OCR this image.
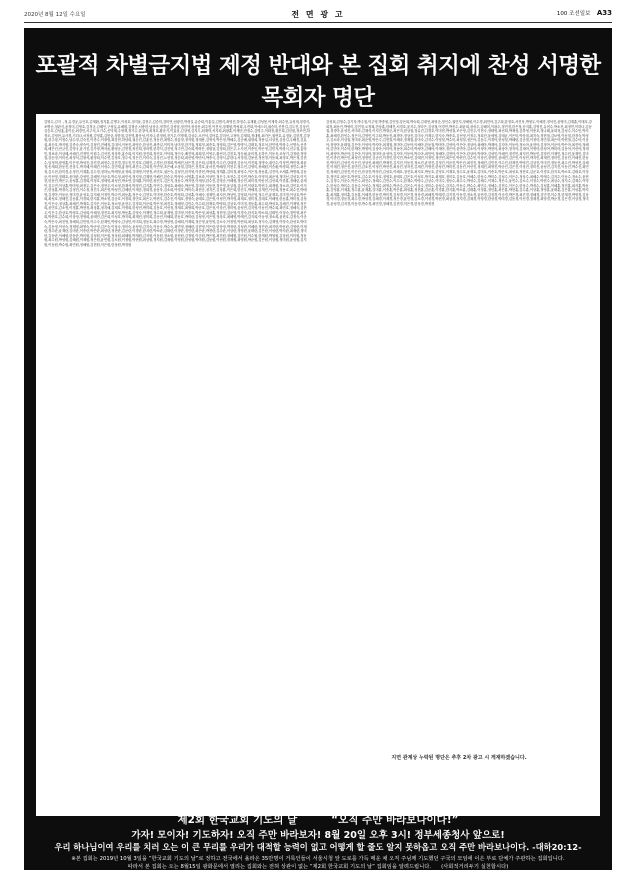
2020년 8월 12일 수요일	전 면 광 고	100 조선일보 A33
포괄적 차별금지법 제정 반대와 본 집회 취지에 찬성 서명한 목회자 명단
김영수,김지 ,정,유경균,유인호,김재환,정지훈,김병주,이성호,정지윤,김현주,김승미,강미연,엄광진,박정길,유승희,이홍길,김범식,최영진,하정수,유재환,김성봉,이재학,최수현,유성재,정경식,조병준,정관식,윤정미,김영호,김정규,김혜인,구성일,유혜원,김형준,서충한,남상규,정경신,김성엽,정진아,장상문,최주현,이진석,정재원,박성희,우진희,이에스더,권승미,신봉길,김두진,김상진,김승호,김성홍,홍이순,최경민,서주석,오기수,신덕재,주영재,정기수,한창석,최정호,황운식,이효상,김상영,김지우,최재학,석지희,최광훈,이재민,안정수,김명주,이화정,황은희,김신원,정조연,하정모,김영현,유사경,기리나,서정원,김영훈,김봉균,정한철,김진명,황운성,이지나,한정원,전기우,이명재,김상수,오민석,김아름,김미선,고정아,김재희,정대원,최가은,권연호,유정윤,김한경,김창원,한주형,이정수,남수정,김숙진,이종수,이장렬,최강현,하남희,권순진,김홍진,정동현,최명수,장흥영,정석원,정재용,김영석,박은정,박혜수,김준배,권형희,정용일,서상천,김삼길,우해진,김효섭,최순호,박지원,김종숙,양숙이,김형진,전혜정,김대석,이용진,곽영순,한상진,최종일,이미자,남미정,한기철,정희정,최종호,정영희,김은영,방명식,김태호,정호석,한민영,박창주,신명숙,신종희,배은진,안규진,김영국,윤기진,김가영,박자윤,황영준,김현정,장진희,정의명,한경식,김진영,정주연,김숙희,박하은,정원창,김정희,한은주,노지현,이종민,박은영,김민지,박창식,신우철,홍영민,정보라,이상배,서혜진,전경민,이원주,김석진,정상학,홍승희,이지원,정진희,장진호,이덕희,정인숙,배진혁,곽희정,이영주,황선미,김진호,정승필,윤미경,손하은,이동욱,조성기,김정란,정영철,강순정,이미선,최정석,김형석,황정희,이수연,김정호,정우석,정은진,이미숙,김상진,노현정,정순희,최선영,박민서,박종국,김영식,류한나,서정철,김용선,정현정,이동희,곽정호,박은정,김현수,임정혁,장영훈,이은영,박성진,강진경,최현수,김진경,정우진,민경호,김태진,주경선,한정희,박세진,남은경,김은희,심재경,이수진,강대현,김동석,이진희,정명숙,권인수,이정연,박민혁,최윤정,송재희,한동진,전상우,박지혜,이혜진,이성수,김민재,홍정아,최진수,김희정,이민영,조은혜,오상철,김하은,전경호,윤서진,박혜정,이현우,정수민,김영미,장혜원,이승환,박경희,정민수,최은정,김도현,한미경,손정민,이재훈,김수경,정하늘,박재영,윤정희,김태영,이현정,조민호,권은숙,김성민,한지영,이종현,박선희,정재훈,김미정,최영수,이은정,장동훈,김진아,오세훈,박명희,김동준,이선영,정태호,윤미란,강성민,김혜영,이준호,박수정,최민석,정지영,김재현,이해진,한승우,박정숙,서영훈,김보라,이상민,정은주,조현수,김지연,박승호,이영미,최준혁,정미선,김성호,이지현,한동민,박은주,윤성훈,김경희,이정호,정세영,최성민,박소연,김태훈,이미란,장진우,김은지,정동수,박지현,이재성,한수진,김영준,이혜원,정승민,최미경,박동현,김선희,이종훈,정혜린,윤재민,김수연,이상훈,박미영,최정우,김은숙,정현우,이소영,한재석,박정민,김지훈,이연주,정성호,최혜숙,박준영,김미란,이동현,정은영,윤상철,김나연,이광호,박현주,최재원,정소라,김민호,이지은,한상훈,박경숙,김정민,이수정,정진우,최은영,박성민,김혜란,이재준,정희경,윤동욱,김소희,이영호,박미숙,최현준,정지은,김상훈,이은희,한진우,박혜경,김재민,이선희,정용호,최수진,박태영,김경아,이동준,정미경,윤성호,김지혜,이정민,박수연,최동훈,정은숙,김현호,이미영,한승호,박정희,김성훈,이혜숙,정재민,최지현,박상민,김영희,이준영,정수진,윤재호,김미경,이상호,박은희,최성호,정혜진,김동훈,이경희,한지훈,박소영,김준호,이정희,정민호,최은주,박현우,김수진,이재호,정영숙,윤태호,김은영,이성민,박지영,최재호,정미정,김태호,이혜영,한동훈,박미정,김성진,이은숙,정상훈,최혜진,박재호,김지은,이동호,정소영,윤현우,김정희,이준희,박은정,최진호,정혜영,김민수,이수희,한재호,박영희,김상호,이미정,정동훈,최수희,박성호,김혜진,이재영,정은희,윤민호,김소영,이정훈,박현정,최상훈,정지혜,김재호,이영희,한성민,박미희,김동호,이선정,정재호,최영희,박준호,김은정,이상진,정미영,윤성민,김지영,이동민,박수희,최민호,정혜숙,김현우,이은주,한상호,박정호,김성희,이혜정,정진호,최지영,박동훈,김영숙,이재민,정수희,윤재영,김미영,이종호,박은영,최성훈,정현정,김준영,이경숙,한지호,박소희,김태민,이정숙,정민영,최은희,박현호,김수희,이상영,정영희,윤태민,김은희,이성호,박지희,최재민,정미희,김동민,이혜희,한동호,박미란,김성영,이은영,정상호,최혜영,박재민,김지희,이동영,정소희,윤현호,김정숙,이준숙,박은숙,최진영,정혜희,김민영,이수숙,한재민,박영숙,김상민,이미희,정동호,최수영,박성영,김혜희,이재희,정은영,윤민영,김소숙,이정영,박현희,최상호,정지숙,김재영,이영숙,한성호,박미숙,김동영,이선숙,정재영,최영숙,박준영,김은숙,이상숙,정미숙,윤성영,김지숙,이동숙,박수숙,최민영,정혜란,김현영,이은란,한상영,박정란,김성란,이혜란,정진란,최지란,박동란,김영란,이재란,정수란,윤재란,김미란,이종란,박은란,최성란,정현란,김준란,이경란,한지란,박소란,김태란,이정란,정민란,최은란,박현란,김수란,이상란,정영란,윤태란,김은란,이성란,박지란,최재란,정미란,김동란,이혜원,한동란,박미원,김성원,이은원,정상원,최혜원,박재원,김지원,이동원,정소원,윤현원,김정원,이준원,박은원,최진원,정혜원,김민원,이수원,한재원,박영원,김상원,이미원,정동원,최수원,박성원,김혜원,이재원,정은원,윤민원,김소원,이정원,박현원,최상원,정지원,김재원,이영원,한성원,박미원,김동원,이선원,정재원,최영원,박준원,김은원,이상원,정미원,윤성원,김지원,이동원,박수원,최민원,정혜원,김현원,이은원,한상원,박정원
김성희,김영수,김기자,박주철,이주영,박종원,김인영,강은희,박숙희,김대현,최영준,정인수,권민지,정혜원,이수경,최민아,김주희,한정호,서진욱,박형우,이혜경,정석진,윤영미,김재훈,이태호,강희정,최동진,박영미,김민정,오정희,전상훈,한혜진,서경호,윤지수,정다은,김상철,이경민,박진수,최윤희,장성우,김혜미,이광수,정민경,한은정,송지훈,김영진,유현수,박소진,최정민,이하나,김동철,정경아,윤성진,서미라,김재석,이지민,박형준,최은미,한상철,정유진,김경호,이미현,박성철,조은영,김진우,이현숙,정태영,최선희,박재성,김하영,이용호,정나래,윤희정,김성수,이수민,박지훈,최혜경,한민수,정은미,김영민,이주희,박동진,최경아,정상진,김미숙,이재우,한지숙,박종호,김선영,이정우,정희진,윤세영,김태균,이은미,박상철,최지숙,정현철,김보영,이동철,한경숙,박정우,김소라,이상철,정미라,최준영,박은수,김현철,이혜라,정재철,윤미숙,김지수,이영철,박수미,최성철,정은아,김동수,이경아,한성철,박혜란,김준철,이정아,정민철,최은아,박현철,김수아,이상아,정영아,윤태철,김은아,이성아,박지아,최재철,정미아,김동아,이혜아,한동철,박미아,김성아,이은아,정상아,최혜아,박재아,김지아,이동아,정소아,윤현아,김정아,이준아,박은아,최진아,정혜아,김민아,이수아,한재아,박영아,김상아,이미아,정동아,최수아,박성아,김혜아,이재아,정은아,윤민아,김소아,이정아,박현아,최상아,정지아,김재아,이영아,한성아,박미아,김동아,이선아,정재아,최영아,박준아,김은아,이상아,정미아,윤성아,김지아,이동아,박수아,최민아,정혜아,김현아,이은아,한상아,박정아,김성민,이혜민,정진민,최지민,박동민,김영민,이재민,정수민,윤재민,김미민,이종민,박은민,최성민,정현민,김준민,이경민,한지민,박소민,김태민,이정민,정민민,최은민,박현민,김수민,이상민,정영민,윤태민,김은민,이성민,박지민,최재민,정미민,김동민,이혜진,한동진,박미진,김성진,이은진,정상진,최혜진,박재진,김지진,이동진,정소진,윤현진,김정진,이준진,박은진,최진진,정혜진,김민진,이수진,한재진,박영진,김상진,이미진,정동진,최수진,박성진,김혜진,이재진,정은진,윤민진,김소진,이정진,박현진,최상진,정지진,김재진,이영진,한성진,박미진,김동진,이선진,정재진,최영진,박준진,김은진,이상진,정미진,윤성진,김지진,이동진,박수진,최민진,정혜진,김현진,이은진,한상진,박정진,김성호,이혜호,정진호,최지호,박동호,김영호,이재호,정수호,윤재호,김미호,이종호,박은호,최성호,정현호,김준호,이경호,한지호,박소호,김태호,이정호,정민호,최은호,박현호,김수호,이상호,정영호,윤태호,김은호,이성호,박지호,최재호,정미호,김동호,이혜수,한동수,박미수,김성수,이은수,정상수,최혜수,박재수,김지수,이동수,정소수,윤현수,김정수,이준수,박은수,최진수,정혜수,김민수,이수수,한재수,박영수,김상수,이미수,정동수,최수수,박성수,김혜수,이재수,정은수,윤민수,김소수,이정수,박현수,최상수,정지수,김재수,이영수,한성수,박미수,김동수,이선수,정재수,최영수,박준수,김은수,이상수,정미수,윤성수,김지수,이동수,박수수,최민수,정혜수,김현수,이은수,한상수,박정수,김성훈,이혜훈,정진훈,최지훈,박동훈,김영훈,이재훈,정수훈,윤재훈,김미훈,이종훈,박은훈,최성훈,정현훈,김준훈,이경훈,한지훈,박소훈,김태훈,이정훈,정민훈,최은훈,박현훈,김수훈,이상훈,정영훈,윤태훈,김은훈,이성훈,박지훈,최재훈,정미훈,김동훈,이혜경,한동경,박미경,김성경,이은경,정상경,최혜경,박재경,김지경,이동경,정소경,윤현경,김정경,이준경,박은경,최진경,정혜경,김민경,이수경,한재경,박영경,김상경,이미경,정동경,최수경,박성경,김혜경,이재경,정은경,윤민경,김소경,이정경,박현경,최상경,정지경,김재경,이영경,한성경,박미경,김동경,이선경,정재경,최영경,박준경,김은경,이상경,정미경,윤성경,김지경,이동경,박수경,최민경,정혜경,김현경,이은경,한상경,박정경
지면 관계상 누락된 명단은 추후 2차 광고 시 게재하겠습니다.
제2회 한국교회 기도의 날	“오직 주만 바라보나이다!”
가자! 모이자! 기도하자! 오직 주만 바라보자! 8월 20일 오후 3시! 정부세종청사 앞으로!
우리 하나님이여 우리를 치러 오는 이 큰 무리를 우리가 대적할 능력이 없고 어떻게 할 줄도 알지 못하옵고 오직 주만 바라보나이다. -대하20:12-
※본 집회는 2019년 10월 3일을 “한국교회 기도의 날”로 정하고 전국에서 올라온 35만명이 거룩인들이 서울시청 앞 도로를 가득 메운 채 오직 주님께 기도했던 구국의 모임에 이은 부로 단체가 주관하는 집회입니다.
따라서 본 집회는 오는 8월15일 광화문에서 열리는 집회와는 전혀 상관이 없는 “제2회 한국교회 기도의 날” 집회임을 알려드립니다. (사회적거리두기 실천합시다)
